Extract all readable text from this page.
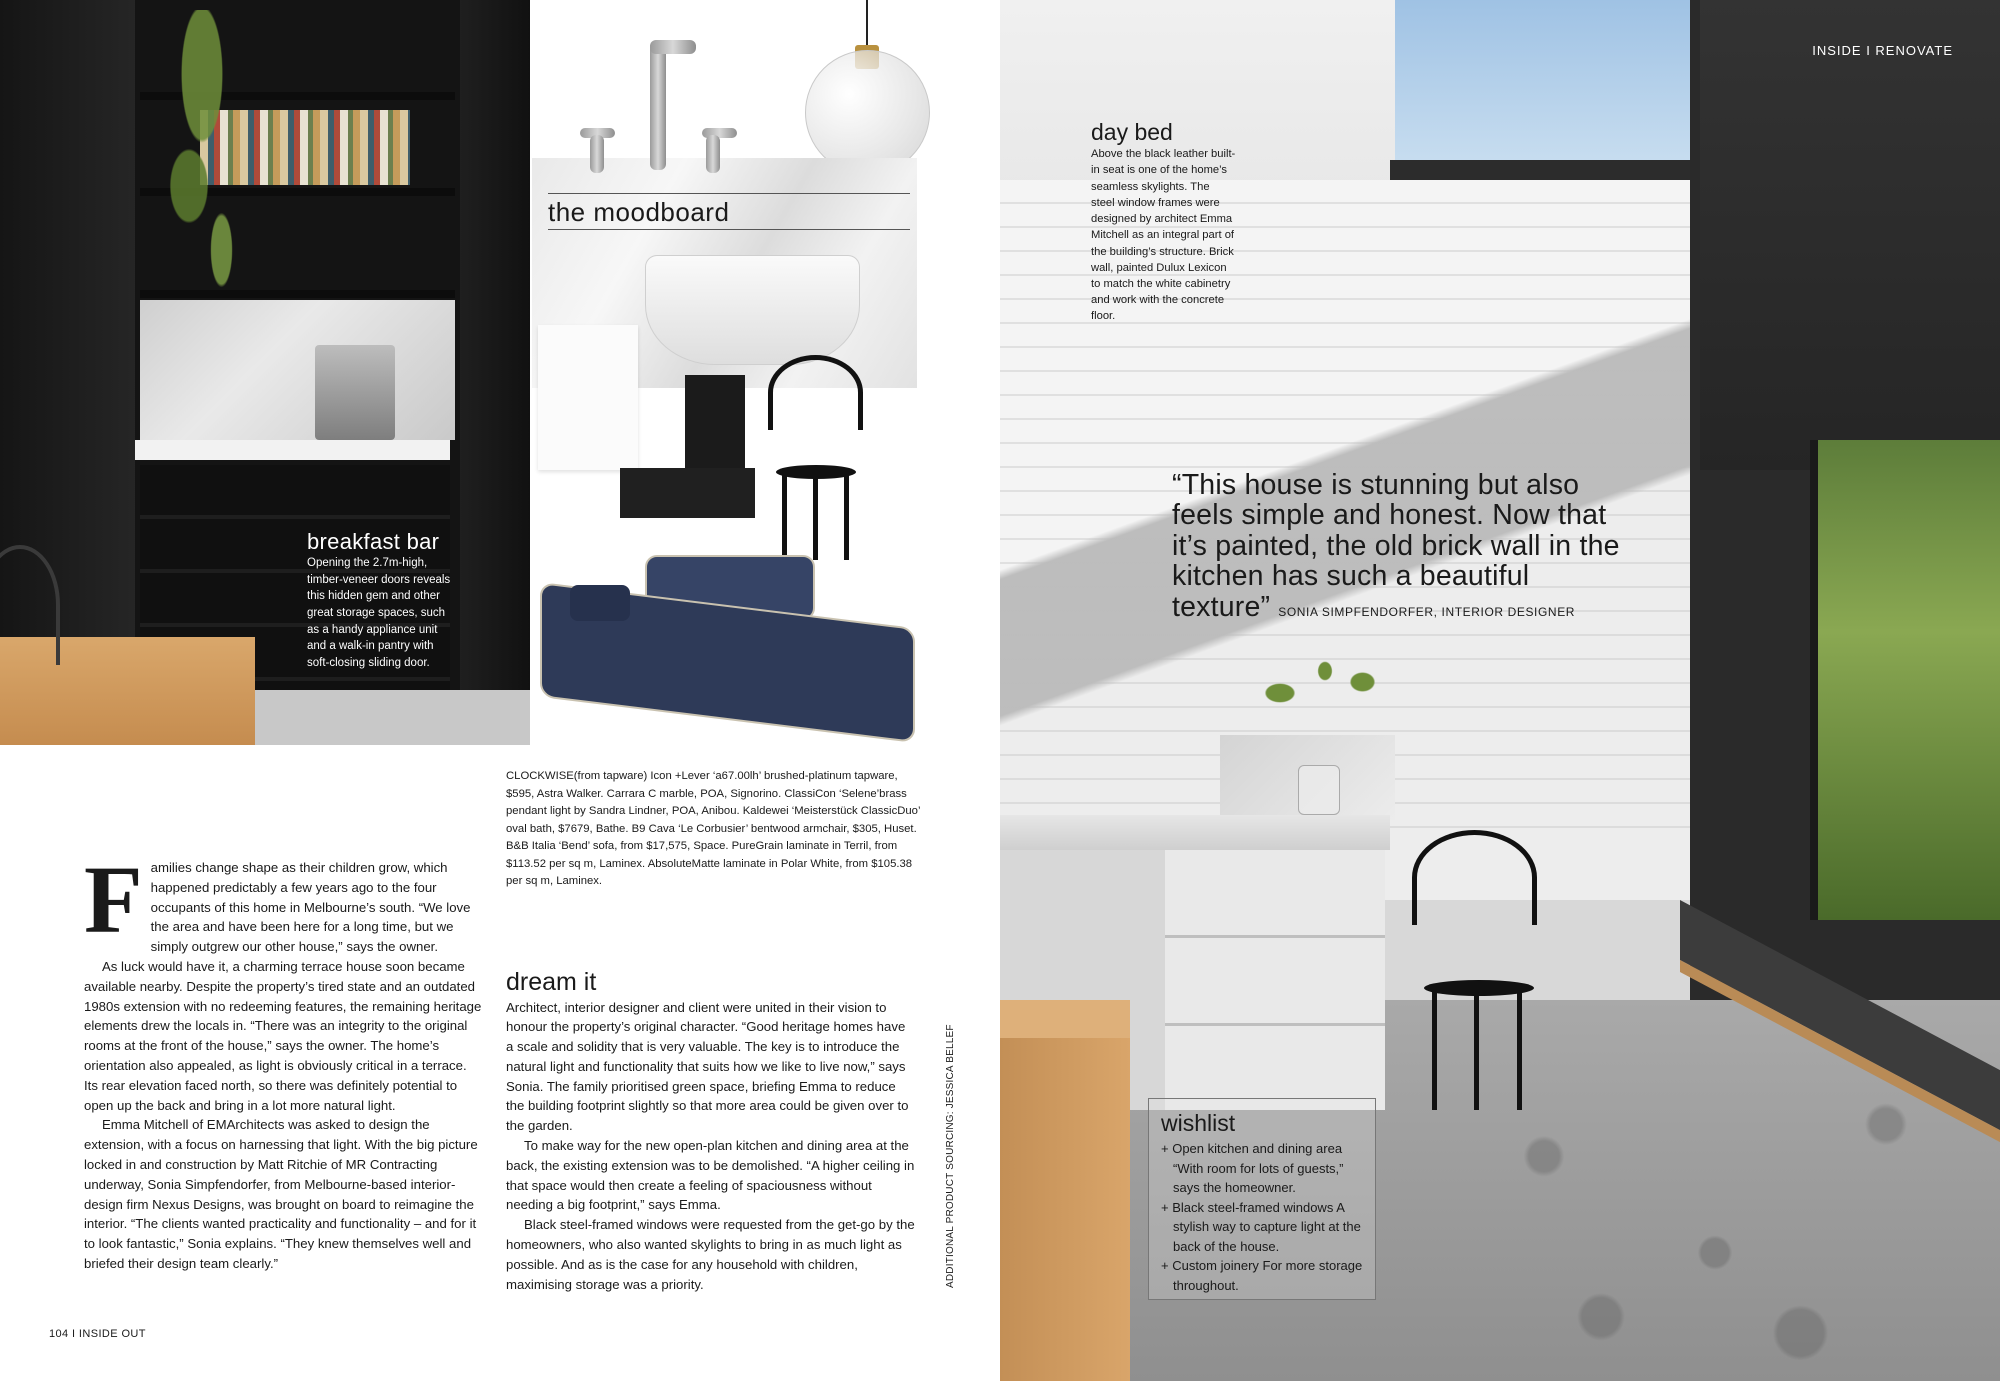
breakfast bar
Opening the 2.7m-high, timber-veneer doors reveals this hidden gem and other great storage spaces, such as a handy appliance unit and a walk-in pantry with soft-closing sliding door.
the moodboard
CLOCKWISE(from tapware) Icon +Lever ‘a67.00lh’ brushed-platinum tapware, $595, Astra Walker. Carrara C marble, POA, Signorino. ClassiCon ‘Selene’brass pendant light by Sandra Lindner, POA, Anibou. Kaldewei ‘Meisterstück ClassicDuo’ oval bath, $7679, Bathe. B9 Cava ‘Le Corbusier’ bentwood armchair, $305, Huset. B&B Italia ‘Bend’ sofa, from $17,575, Space. PureGrain laminate in Terril, from $113.52 per sq m, Laminex. AbsoluteMatte laminate in Polar White, from $105.38 per sq m, Laminex.
F amilies change shape as their children grow, which happened predictably a few years ago to the four occupants of this home in Melbourne’s south. “We love the area and have been here for a long time, but we simply outgrew our other house,” says the owner.

As luck would have it, a charming terrace house soon became available nearby. Despite the property’s tired state and an outdated 1980s extension with no redeeming features, the remaining heritage elements drew the locals in. “There was an integrity to the original rooms at the front of the house,” says the owner. The home’s orientation also appealed, as light is obviously critical in a terrace. Its rear elevation faced north, so there was definitely potential to open up the back and bring in a lot more natural light.

Emma Mitchell of EMArchitects was asked to design the extension, with a focus on harnessing that light. With the big picture locked in and construction by Matt Ritchie of MR Contracting underway, Sonia Simpfendorfer, from Melbourne-based interior-design firm Nexus Designs, was brought on board to reimagine the interior. “The clients wanted practicality and functionality – and for it to look fantastic,” Sonia explains. “They knew themselves well and briefed their design team clearly.”

dream it

Architect, interior designer and client were united in their vision to honour the property’s original character. “Good heritage homes have a scale and solidity that is very valuable. The key is to introduce the natural light and functionality that suits how we like to live now,” says Sonia. The family prioritised green space, briefing Emma to reduce the building footprint slightly so that more area could be given over to the garden.

To make way for the new open-plan kitchen and dining area at the back, the existing extension was to be demolished. “A higher ceiling in that space would then create a feeling of spaciousness without needing a big footprint,” says Emma.

Black steel-framed windows were requested from the get-go by the homeowners, who also wanted skylights to bring in as much light as possible. And as is the case for any household with children, maximising storage was a priority.	ADDITIONAL PRODUCT SOURCING: JESSICA BELLEF
104 I INSIDE OUT
INSIDE I RENOVATE
day bed

Above the black leather built-in seat is one of the home’s seamless skylights. The steel window frames were designed by architect Emma Mitchell as an integral part of the building’s structure. Brick wall, painted Dulux Lexicon to match the white cabinetry and work with the concrete floor.

“This house is stunning but also feels simple and honest. Now that it’s painted, the old brick wall in the kitchen has such a beautiful texture” SONIA SIMPFENDORFER, INTERIOR DESIGNER
wishlist
+ Open kitchen and dining area “With room for lots of guests,” says the homeowner.
+ Black steel-framed windows A stylish way to capture light at the back of the house.
+ Custom joinery For more storage throughout.
